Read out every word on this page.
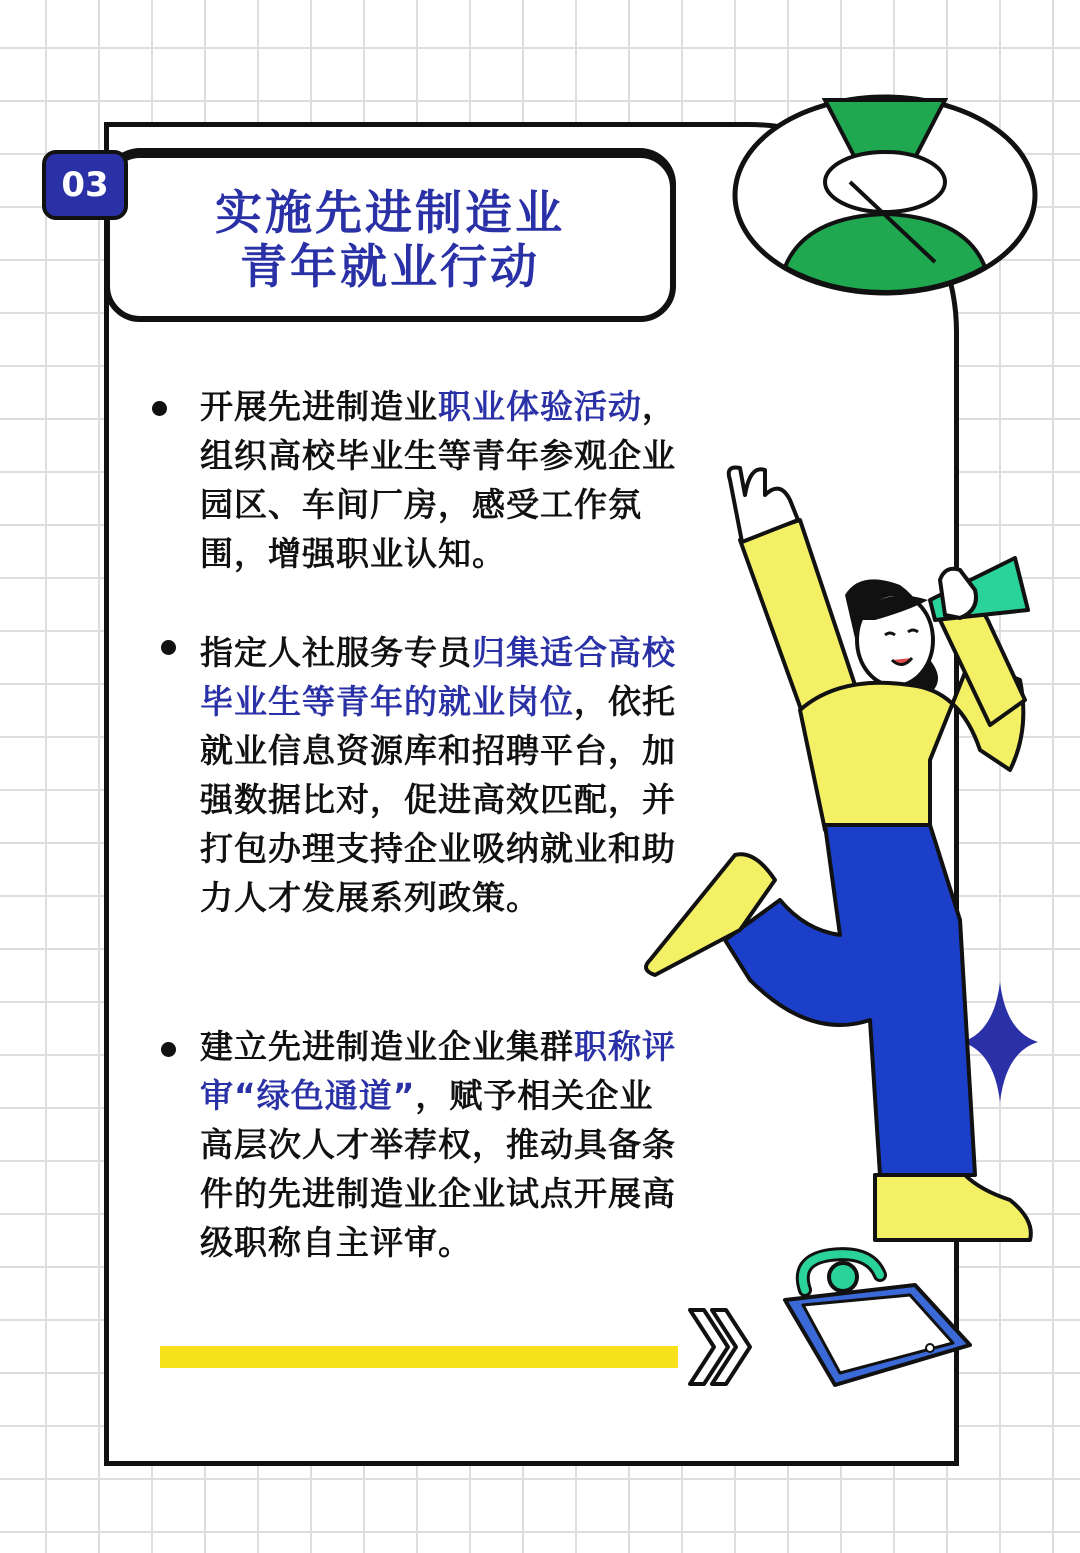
实施先进制造业
青年就业行动
03
开展先进制造业职业体验活动，组织高校毕业生等青年参观企业园区、车间厂房，感受工作氛围，增强职业认知。
指定人社服务专员归集适合高校毕业生等青年的就业岗位，依托就业信息资源库和招聘平台，加强数据比对，促进高效匹配，并打包办理支持企业吸纳就业和助力人才发展系列政策。
建立先进制造业企业集群职称评审“绿色通道”，赋予相关企业高层次人才举荐权，推动具备条件的先进制造业企业试点开展高级职称自主评审。
